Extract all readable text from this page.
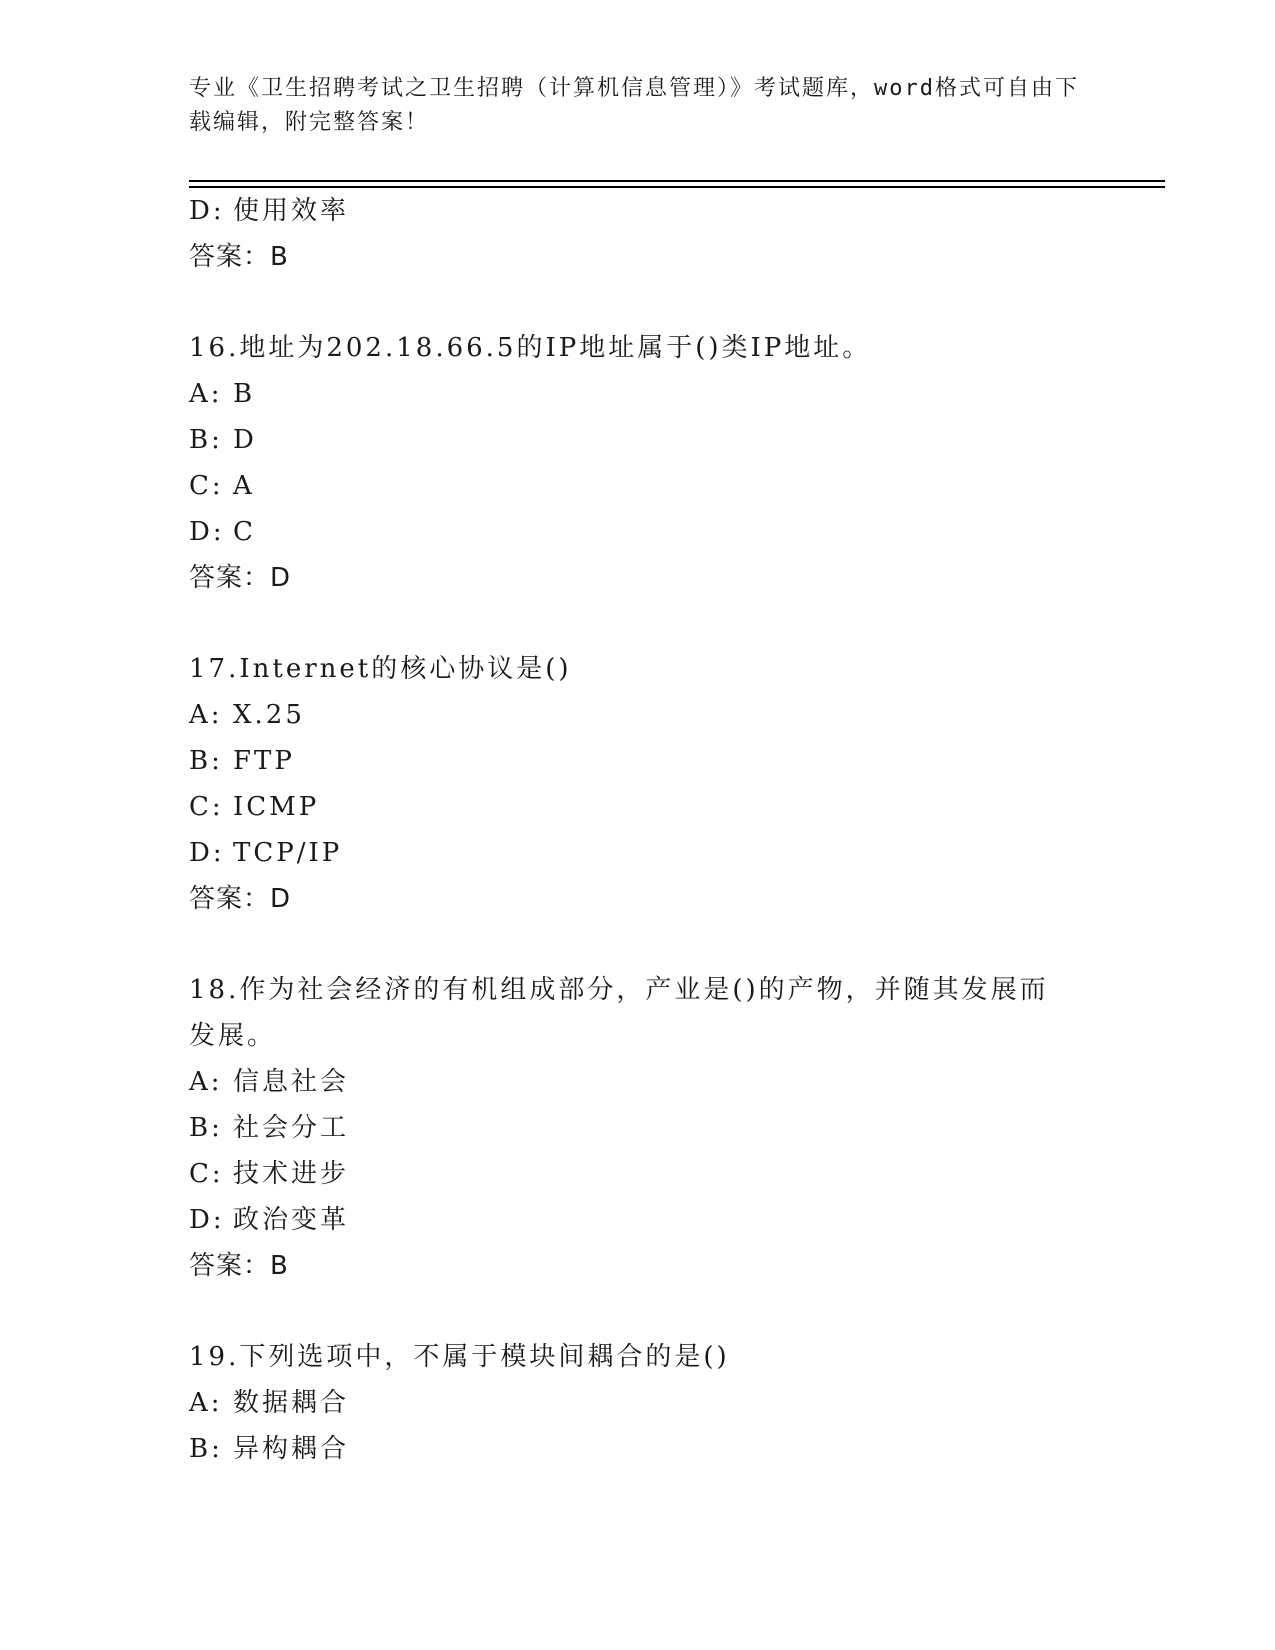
专业《卫生招聘考试之卫生招聘（计算机信息管理）》考试题库，word格式可自由下载编辑，附完整答案！
D: 使用效率
答案：B
16.地址为202.18.66.5的IP地址属于()类IP地址。
A: B
B: D
C: A
D: C
答案：D
17.Internet的核心协议是()
A: X.25
B: FTP
C: ICMP
D: TCP/IP
答案：D
18.作为社会经济的有机组成部分，产业是()的产物，并随其发展而发展。
A: 信息社会
B: 社会分工
C: 技术进步
D: 政治变革
答案：B
19.下列选项中，不属于模块间耦合的是()
A: 数据耦合
B: 异构耦合
